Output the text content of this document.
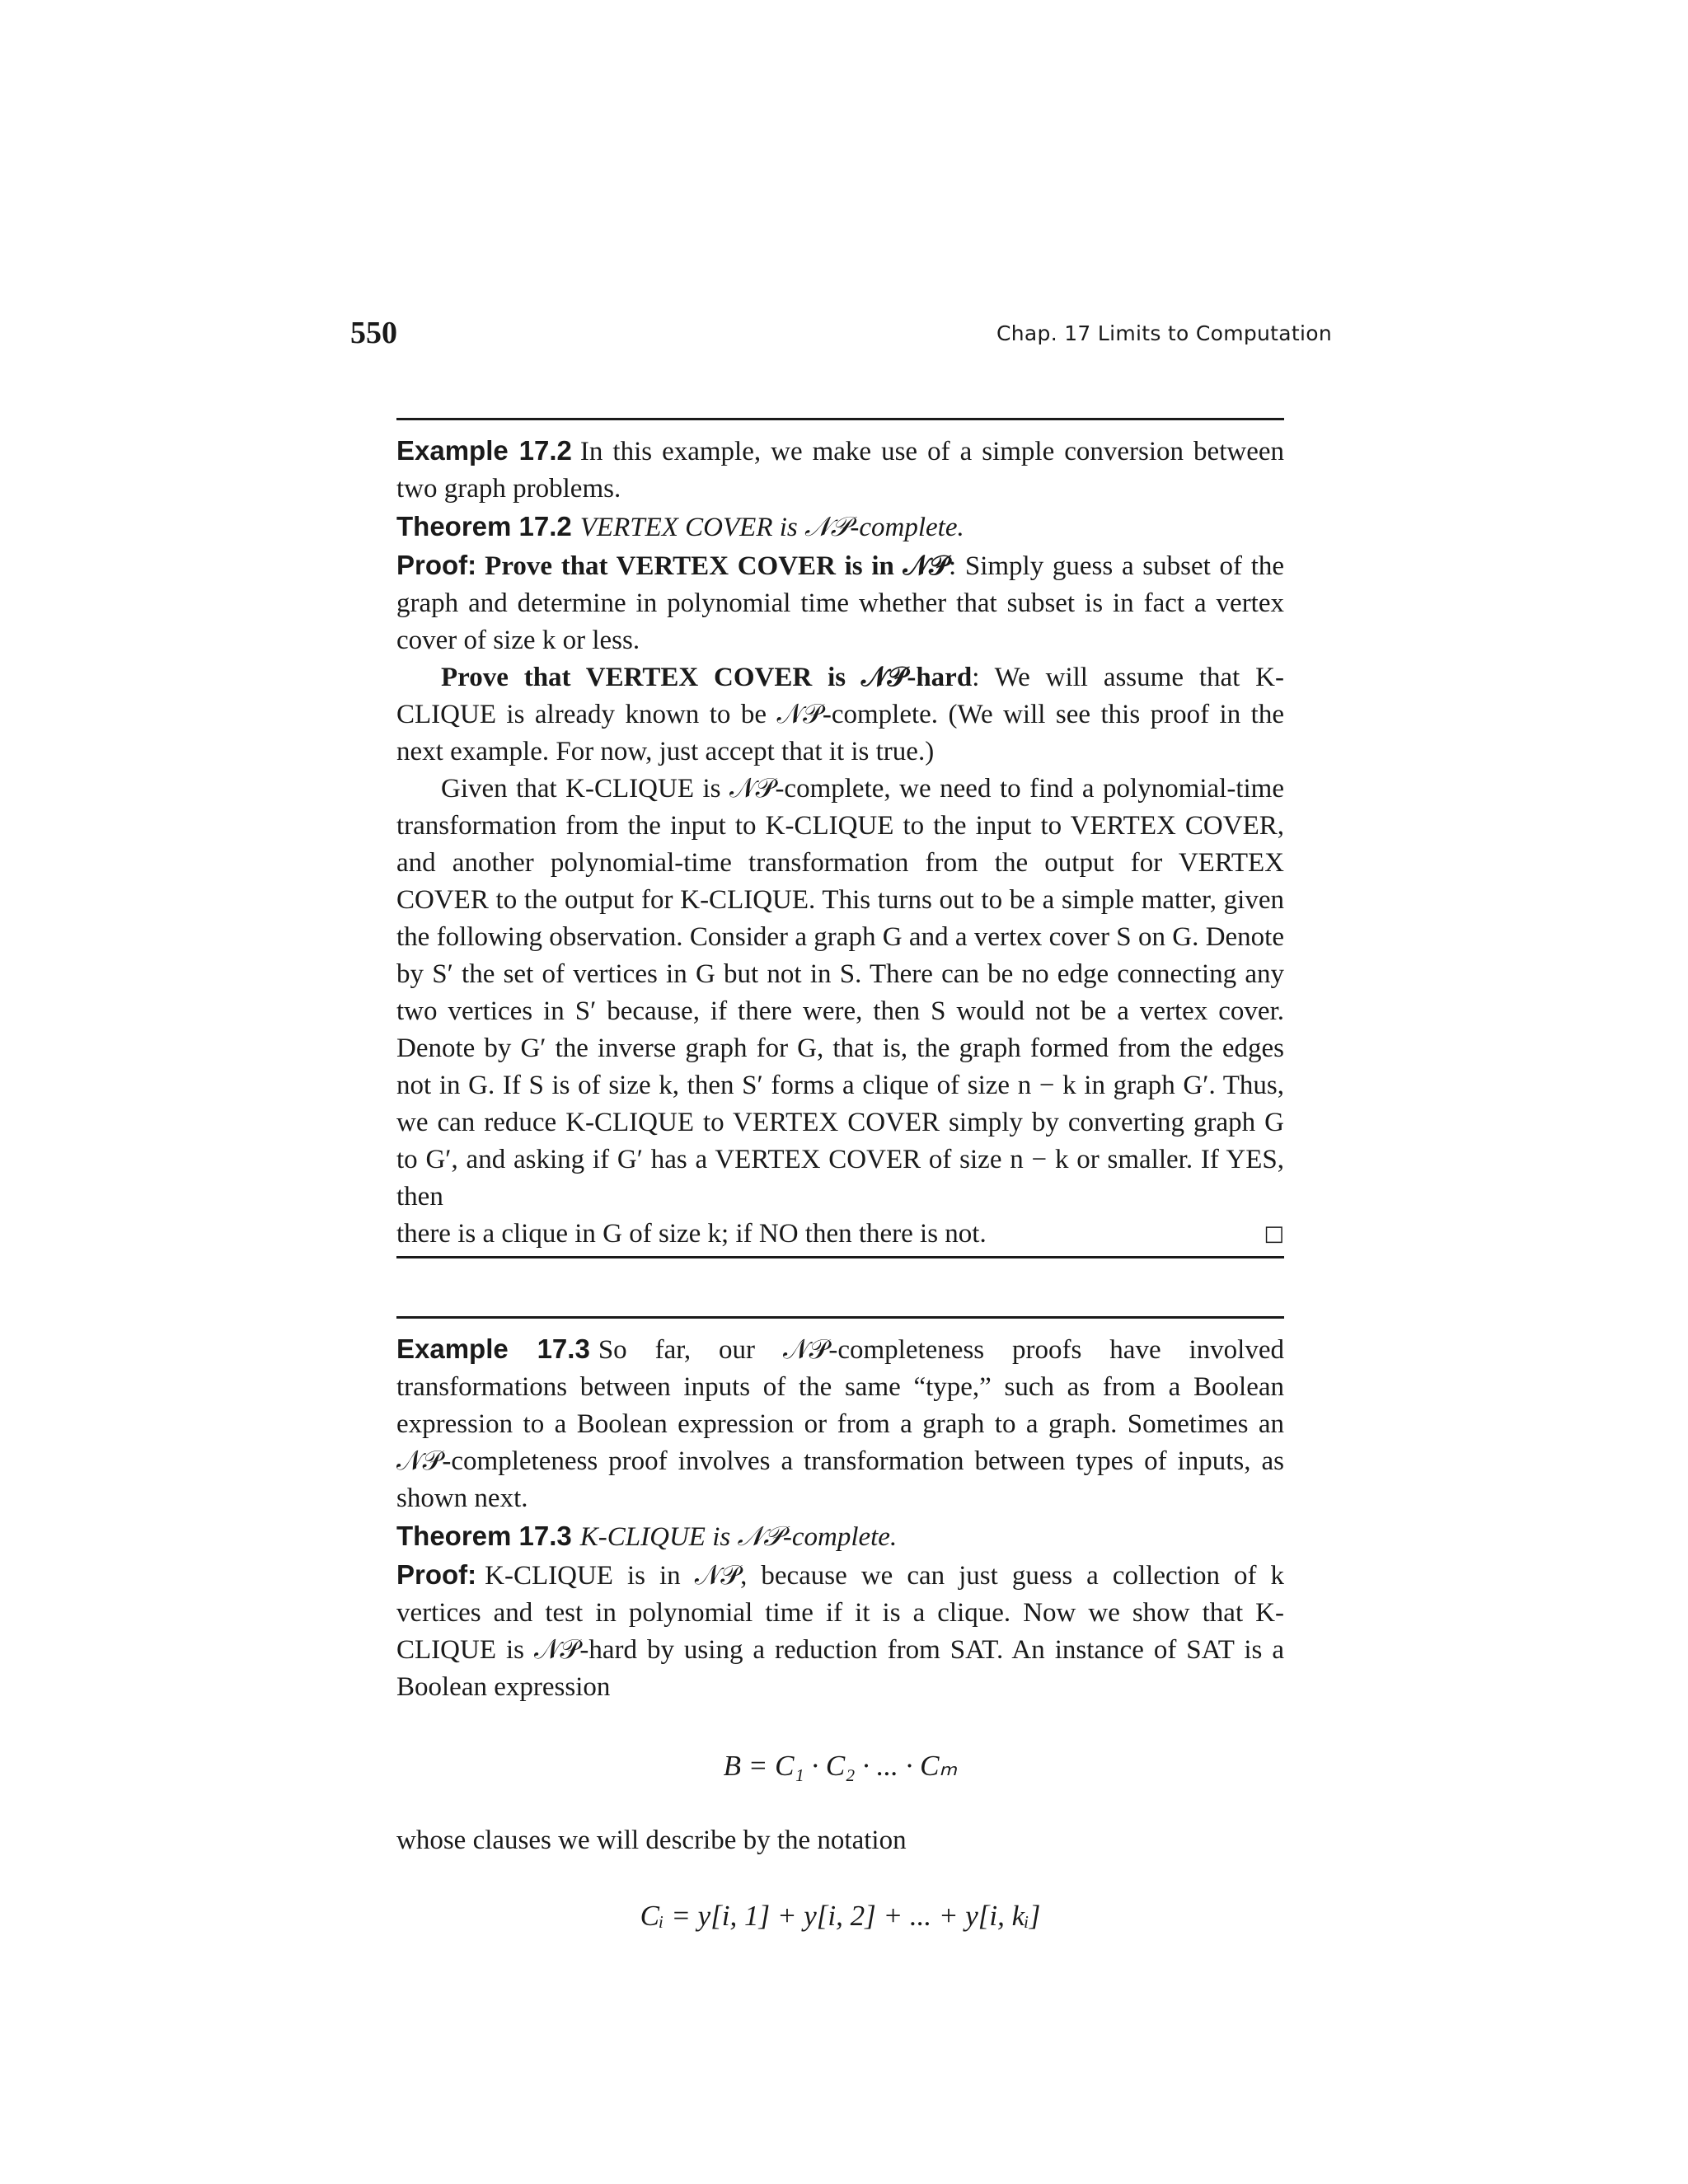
550	Chap. 17 Limits to Computation

Example 17.2 In this example, we make use of a simple conversion between two graph problems.

Theorem 17.2 VERTEX COVER is 𝒩𝒫-complete.

Proof: Prove that VERTEX COVER is in 𝒩𝒫: Simply guess a subset of the graph and determine in polynomial time whether that subset is in fact a vertex cover of size k or less.

Prove that VERTEX COVER is 𝒩𝒫-hard: We will assume that K-CLIQUE is already known to be 𝒩𝒫-complete. (We will see this proof in the next example. For now, just accept that it is true.)

Given that K-CLIQUE is 𝒩𝒫-complete, we need to find a polynomial-time transformation from the input to K-CLIQUE to the input to VERTEX COVER, and another polynomial-time transformation from the output for VERTEX COVER to the output for K-CLIQUE. This turns out to be a simple matter, given the following observation. Consider a graph G and a vertex cover S on G. Denote by S′ the set of vertices in G but not in S. There can be no edge connecting any two vertices in S′ because, if there were, then S would not be a vertex cover. Denote by G′ the inverse graph for G, that is, the graph formed from the edges not in G. If S is of size k, then S′ forms a clique of size n − k in graph G′. Thus, we can reduce K-CLIQUE to VERTEX COVER simply by converting graph G to G′, and asking if G′ has a VERTEX COVER of size n − k or smaller. If YES, then

there is a clique in G of size k; if NO then there is not.	□

Example 17.3 So far, our 𝒩𝒫-completeness proofs have involved transformations between inputs of the same “type,” such as from a Boolean expression to a Boolean expression or from a graph to a graph. Sometimes an 𝒩𝒫-completeness proof involves a transformation between types of inputs, as shown next.

Theorem 17.3 K-CLIQUE is 𝒩𝒫-complete.

Proof: K-CLIQUE is in 𝒩𝒫, because we can just guess a collection of k vertices and test in polynomial time if it is a clique. Now we show that K-CLIQUE is 𝒩𝒫-hard by using a reduction from SAT. An instance of SAT is a Boolean expression

B = C₁ · C₂ · ... · Cₘ

whose clauses we will describe by the notation

Cᵢ = y[i, 1] + y[i, 2] + ... + y[i, kᵢ]
